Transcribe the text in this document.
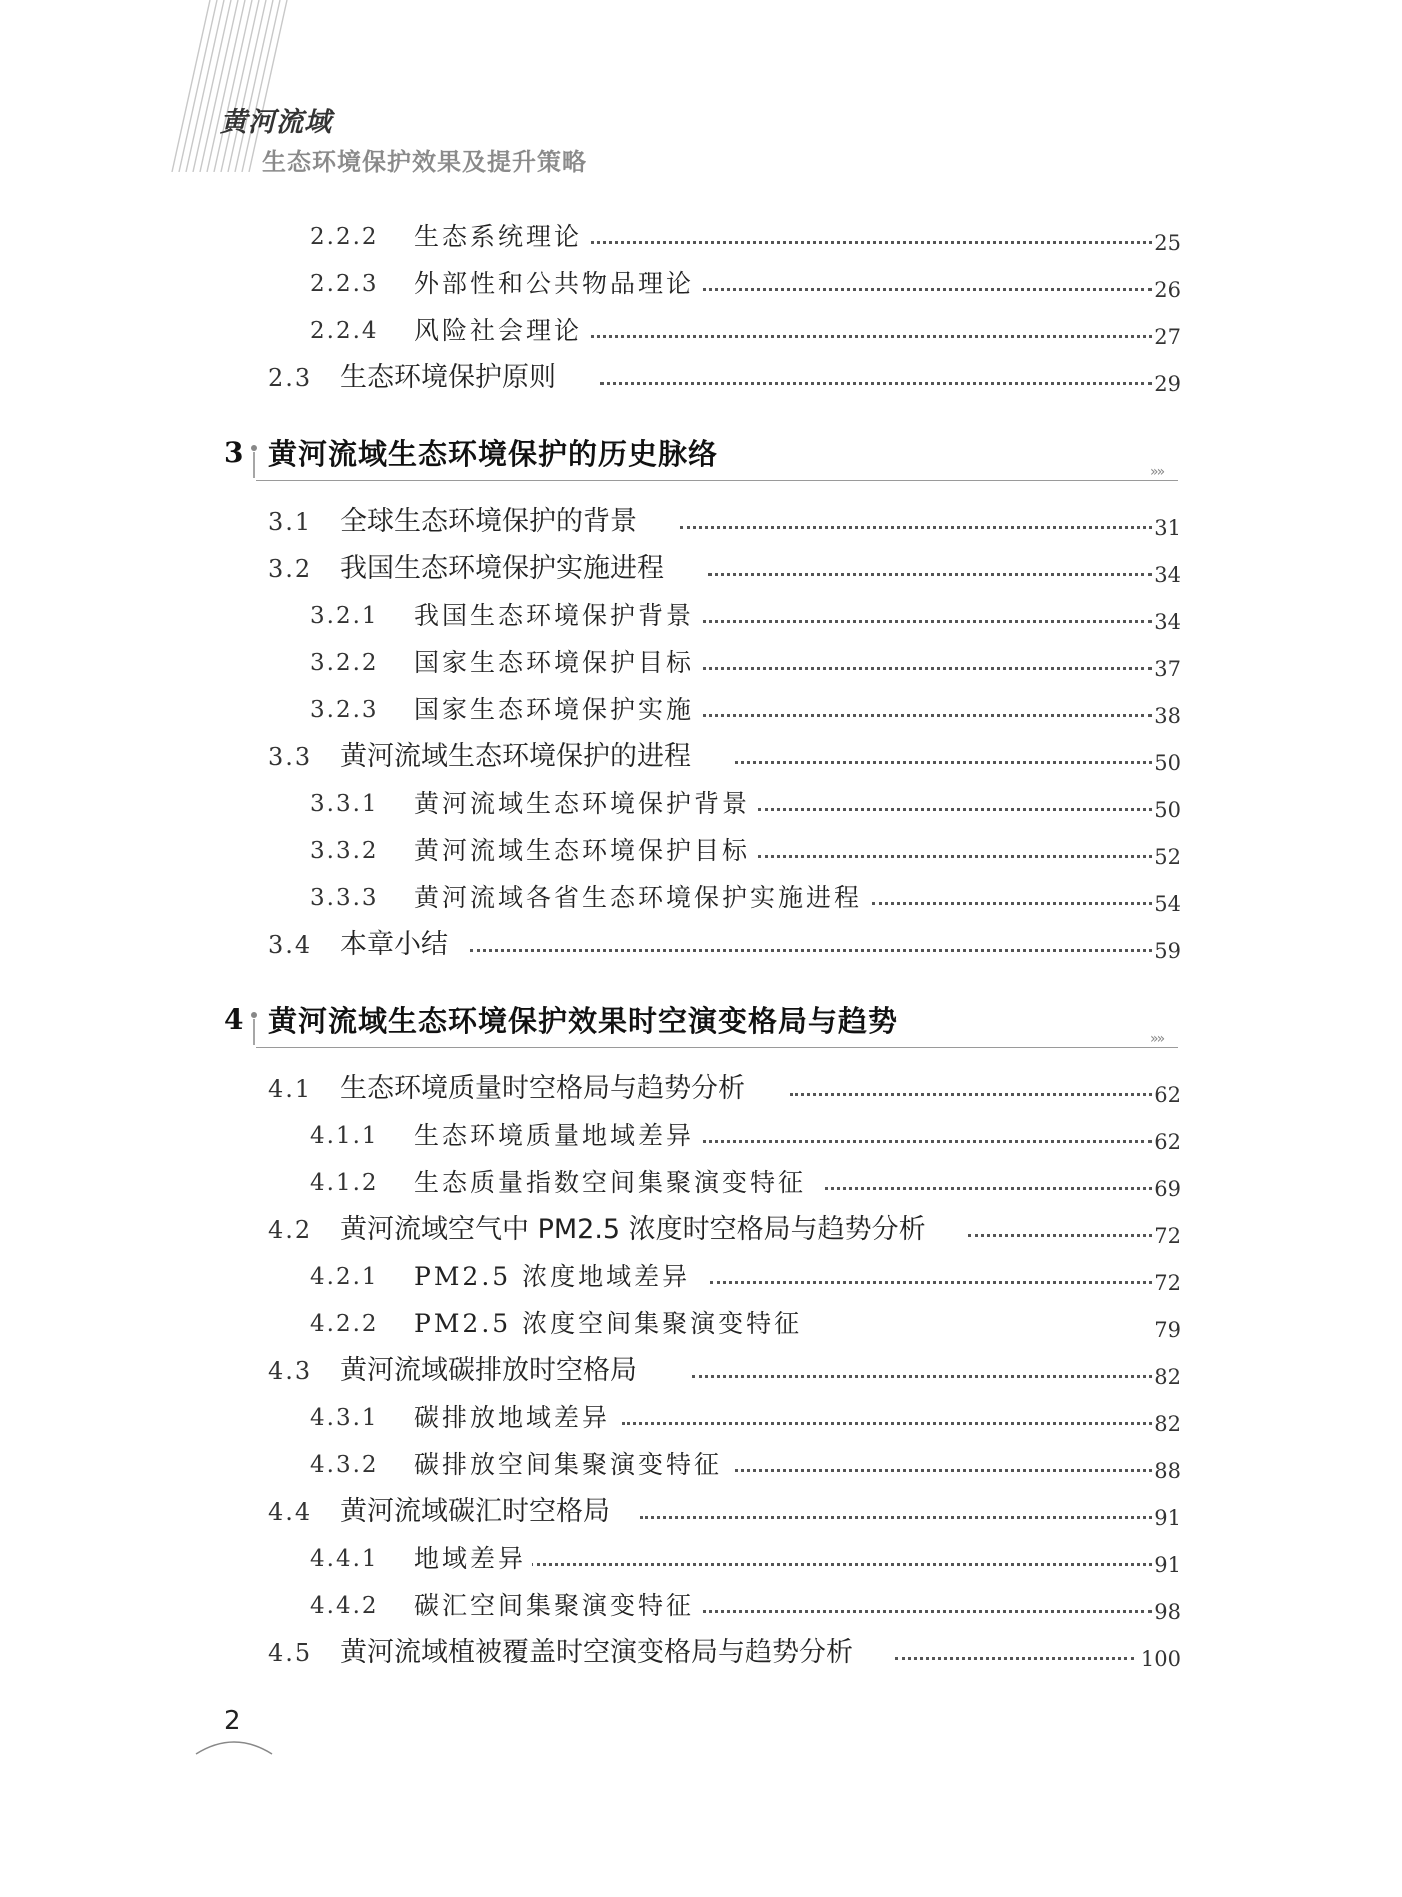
黄河流域
生态环境保护效果及提升策略
2.2.2 生态系统理论	25
2.2.3 外部性和公共物品理论	26
2.2.4 风险社会理论	27
2.3 生态环境保护原则	29
3 黄河流域生态环境保护的历史脉络
»»
3.1 全球生态环境保护的背景	31
3.2 我国生态环境保护实施进程	34
3.2.1 我国生态环境保护背景	34
3.2.2 国家生态环境保护目标	37
3.2.3 国家生态环境保护实施	38
3.3 黄河流域生态环境保护的进程	50
3.3.1 黄河流域生态环境保护背景	50
3.3.2 黄河流域生态环境保护目标	52
3.3.3 黄河流域各省生态环境保护实施进程	54
3.4 本章小结	59
4 黄河流域生态环境保护效果时空演变格局与趋势
»»
4.1 生态环境质量时空格局与趋势分析	62
4.1.1 生态环境质量地域差异	62
4.1.2 生态质量指数空间集聚演变特征	69
4.2 黄河流域空气中 PM2.5 浓度时空格局与趋势分析	72
4.2.1 PM2.5 浓度地域差异	72
4.2.2 PM2.5 浓度空间集聚演变特征	79
4.3 黄河流域碳排放时空格局	82
4.3.1 碳排放地域差异	82
4.3.2 碳排放空间集聚演变特征	88
4.4 黄河流域碳汇时空格局	91
4.4.1 地域差异	91
4.4.2 碳汇空间集聚演变特征	98
4.5 黄河流域植被覆盖时空演变格局与趋势分析	100
2
